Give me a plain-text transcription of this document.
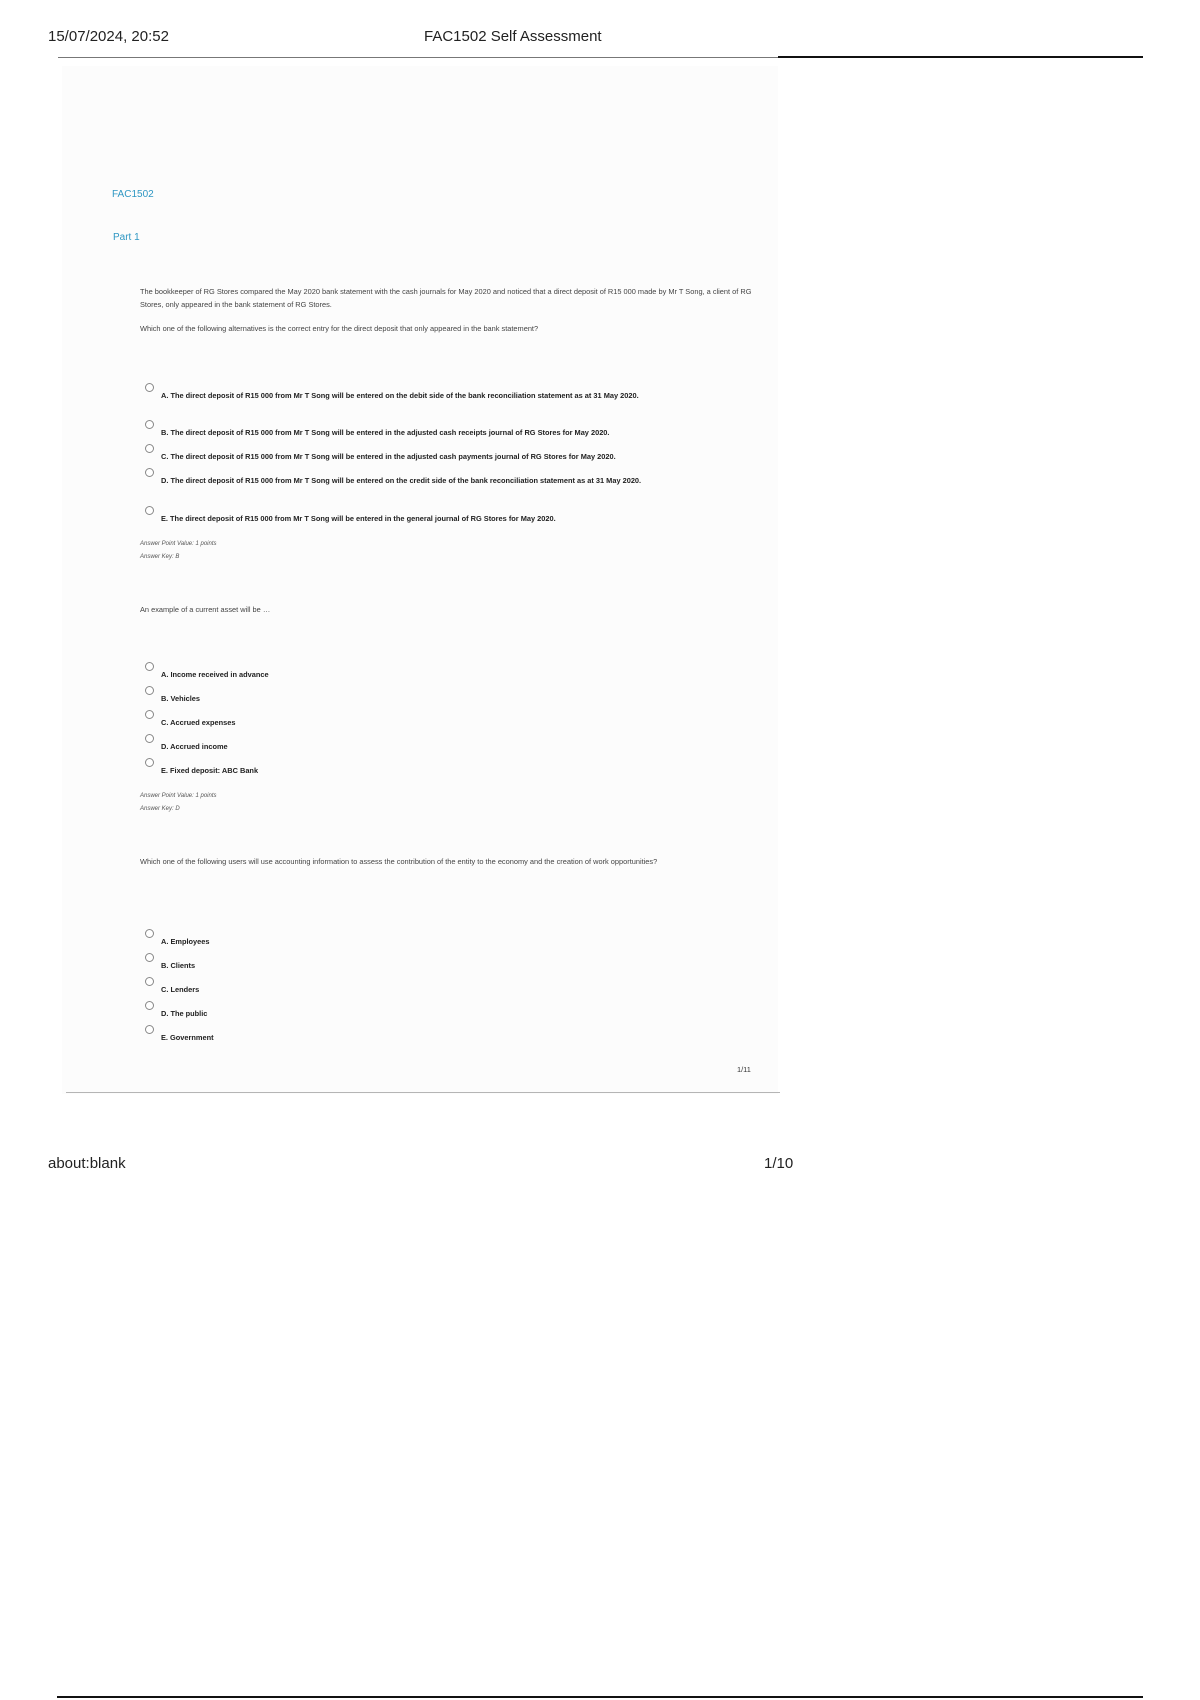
15/07/2024, 20:52	FAC1502 Self Assessment
FAC1502
Part 1

The bookkeeper of RG Stores compared the May 2020 bank statement with the cash journals for May 2020 and noticed that a direct deposit of R15 000 made by Mr T Song, a client of RG Stores, only appeared in the bank statement of RG Stores.

Which one of the following alternatives is the correct entry for the direct deposit that only appeared in the bank statement?

A. The direct deposit of R15 000 from Mr T Song will be entered on the debit side of the bank reconciliation statement as at 31 May 2020.
B. The direct deposit of R15 000 from Mr T Song will be entered in the adjusted cash receipts journal of RG Stores for May 2020.
C. The direct deposit of R15 000 from Mr T Song will be entered in the adjusted cash payments journal of RG Stores for May 2020.
D. The direct deposit of R15 000 from Mr T Song will be entered on the credit side of the bank reconciliation statement as at 31 May 2020.
E. The direct deposit of R15 000 from Mr T Song will be entered in the general journal of RG Stores for May 2020.
Answer Point Value: 1 points
Answer Key: B

An example of a current asset will be …

A. Income received in advance
B. Vehicles
C. Accrued expenses
D. Accrued income
E. Fixed deposit: ABC Bank
Answer Point Value: 1 points
Answer Key: D

Which one of the following users will use accounting information to assess the contribution of the entity to the economy and the creation of work opportunities?

A. Employees
B. Clients
C. Lenders
D. The public
E. Government
1/11
about:blank	1/10
